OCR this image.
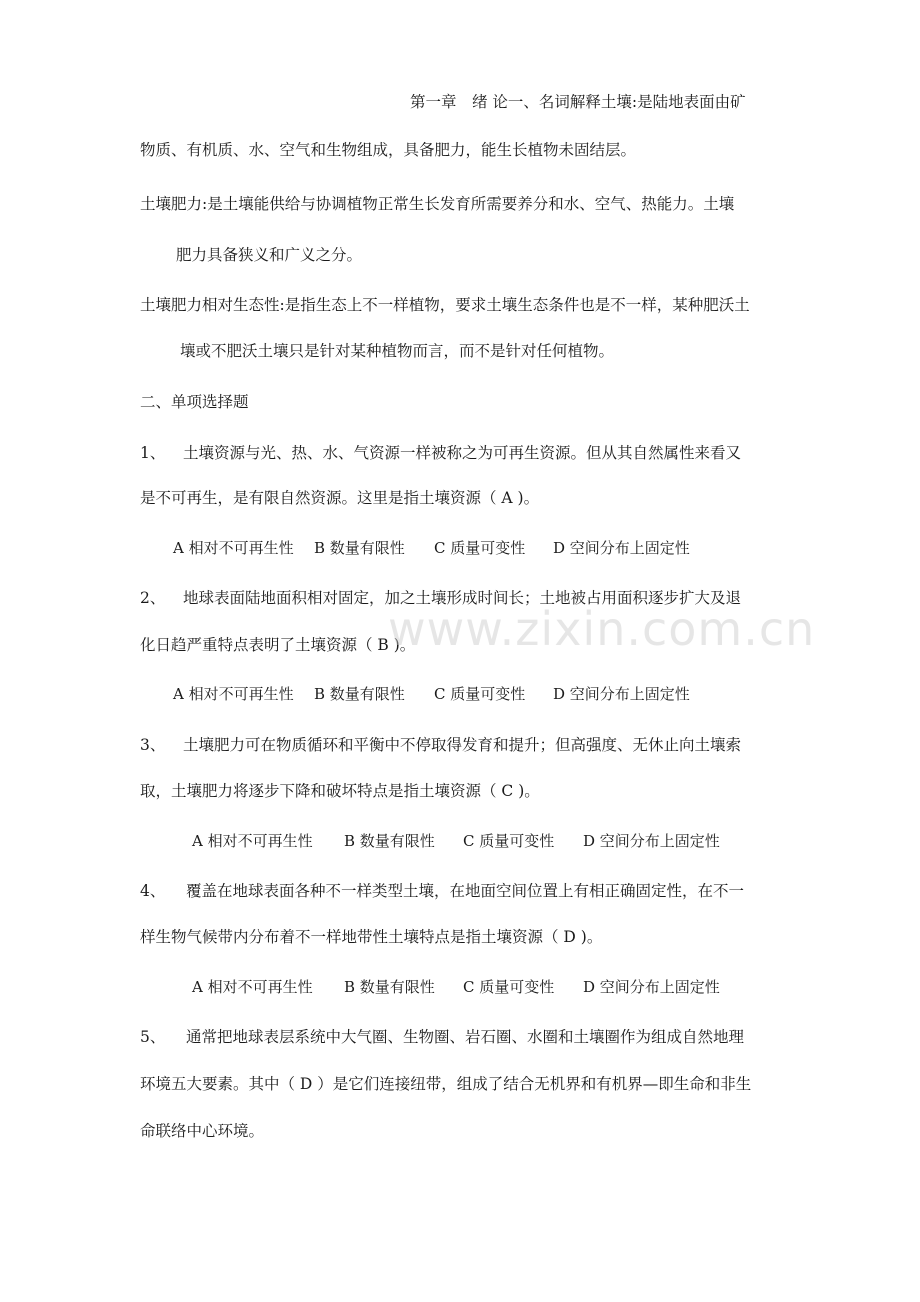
第一章　绪 论一、名词解释土壤:是陆地表面由矿
物质、有机质、水、空气和生物组成，具备肥力，能生长植物未固结层。
土壤肥力:是土壤能供给与协调植物正常生长发育所需要养分和水、空气、热能力。土壤
肥力具备狭义和广义之分。
土壤肥力相对生态性:是指生态上不一样植物，要求土壤生态条件也是不一样，某种肥沃土
壤或不肥沃土壤只是针对某种植物而言，而不是针对任何植物。
二、单项选择题
1、 土壤资源与光、热、水、气资源一样被称之为可再生资源。但从其自然属性来看又
是不可再生，是有限自然资源。这里是指土壤资源（ A )。
A 相对不可再生性 B 数量有限性 C 质量可变性 D 空间分布上固定性
2、 地球表面陆地面积相对固定，加之土壤形成时间长；土地被占用面积逐步扩大及退
化日趋严重特点表明了土壤资源（ B )。
A 相对不可再生性 B 数量有限性 C 质量可变性 D 空间分布上固定性
3、 土壤肥力可在物质循环和平衡中不停取得发育和提升；但高强度、无休止向土壤索
取，土壤肥力将逐步下降和破坏特点是指土壤资源（ C )。
A 相对不可再生性 B 数量有限性 C 质量可变性 D 空间分布上固定性
4、 覆盖在地球表面各种不一样类型土壤，在地面空间位置上有相正确固定性，在不一
样生物气候带内分布着不一样地带性土壤特点是指土壤资源（ D )。
A 相对不可再生性 B 数量有限性 C 质量可变性 D 空间分布上固定性
5、 通常把地球表层系统中大气圈、生物圈、岩石圈、水圈和土壤圈作为组成自然地理
环境五大要素。其中（ D ）是它们连接纽带，组成了结合无机界和有机界—即生命和非生
命联络中心环境。
www.zixin.com.cn
